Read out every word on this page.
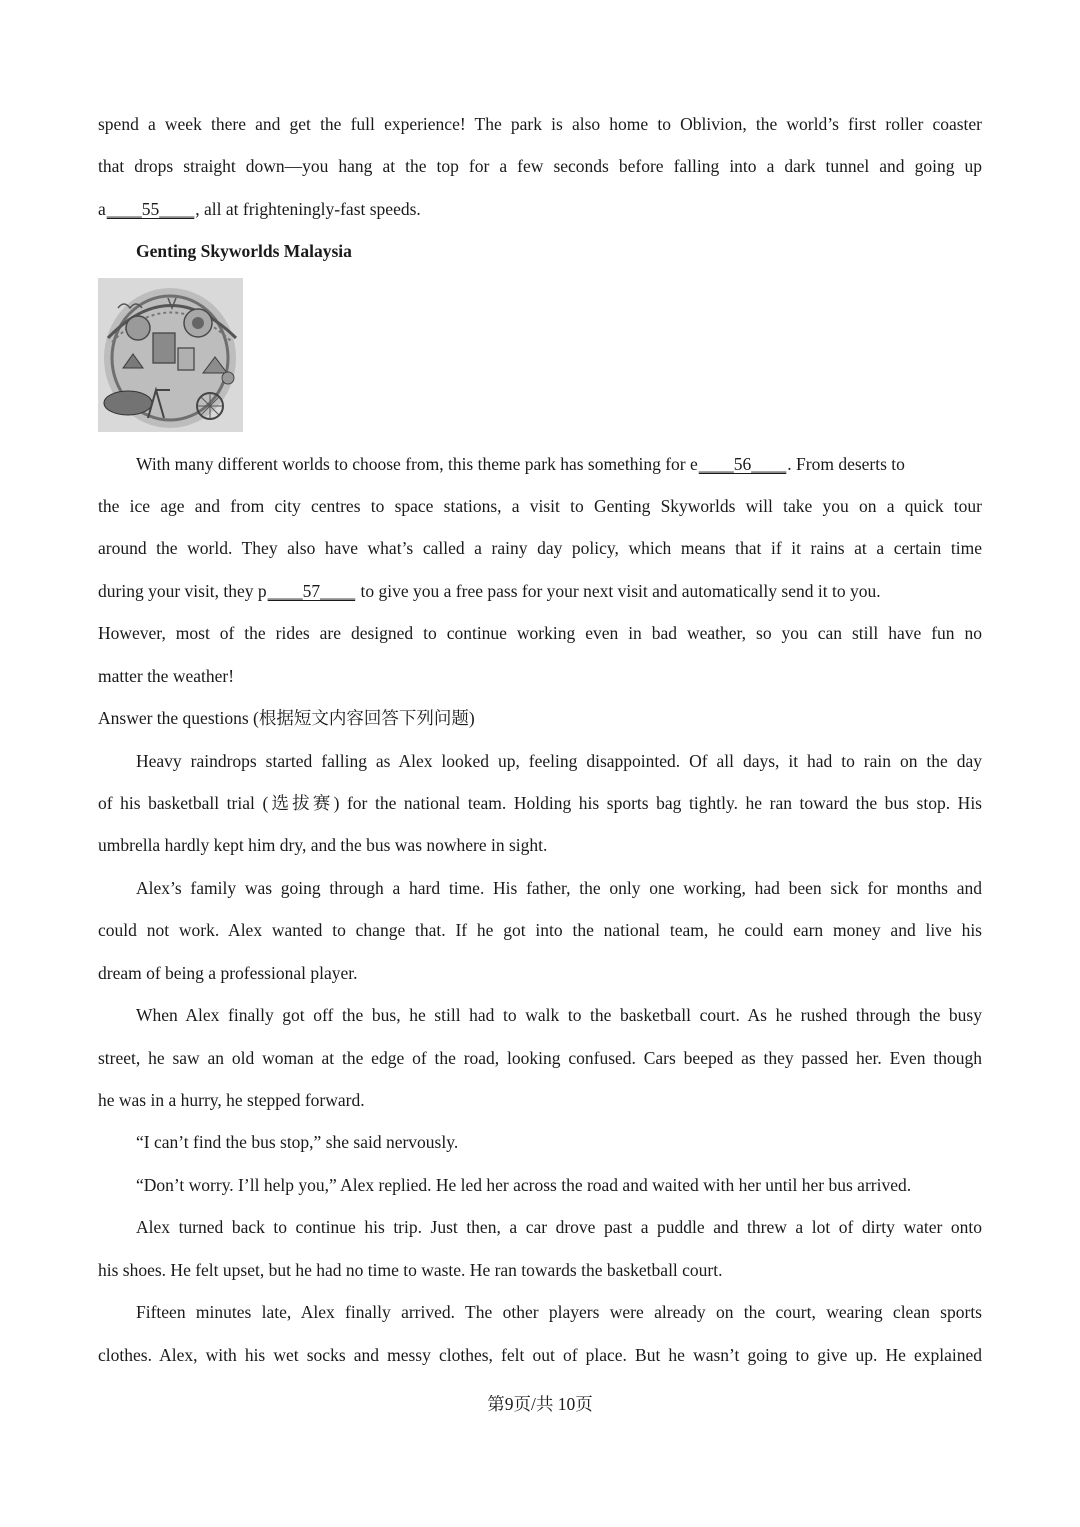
spend a week there and get the full experience! The park is also home to Oblivion, the world’s first roller coaster
that drops straight down—you hang at the top for a few seconds before falling into a dark tunnel and going up
a____55____, all at frighteningly-fast speeds.
Genting Skyworlds Malaysia
With many different worlds to choose from, this theme park has something for e____56____. From deserts to
the ice age and from city centres to space stations, a visit to Genting Skyworlds will take you on a quick tour
around the world. They also have what’s called a rainy day policy, which means that if it rains at a certain time
during your visit, they p____57____ to give you a free pass for your next visit and automatically send it to you.
However, most of the rides are designed to continue working even in bad weather, so you can still have fun no
matter the weather!
Answer the questions (根据短文内容回答下列问题)
Heavy raindrops started falling as Alex looked up, feeling disappointed. Of all days, it had to rain on the day
of his basketball trial (选拔赛) for the national team. Holding his sports bag tightly. he ran toward the bus stop. His
umbrella hardly kept him dry, and the bus was nowhere in sight.
Alex’s family was going through a hard time. His father, the only one working, had been sick for months and
could not work. Alex wanted to change that. If he got into the national team, he could earn money and live his
dream of being a professional player.
When Alex finally got off the bus, he still had to walk to the basketball court. As he rushed through the busy
street, he saw an old woman at the edge of the road, looking confused. Cars beeped as they passed her. Even though
he was in a hurry, he stepped forward.
“I can’t find the bus stop,” she said nervously.
“Don’t worry. I’ll help you,” Alex replied. He led her across the road and waited with her until her bus arrived.
Alex turned back to continue his trip. Just then, a car drove past a puddle and threw a lot of dirty water onto
his shoes. He felt upset, but he had no time to waste. He ran towards the basketball court.
Fifteen minutes late, Alex finally arrived. The other players were already on the court, wearing clean sports
clothes. Alex, with his wet socks and messy clothes, felt out of place. But he wasn’t going to give up. He explained
第9页/共 10页
